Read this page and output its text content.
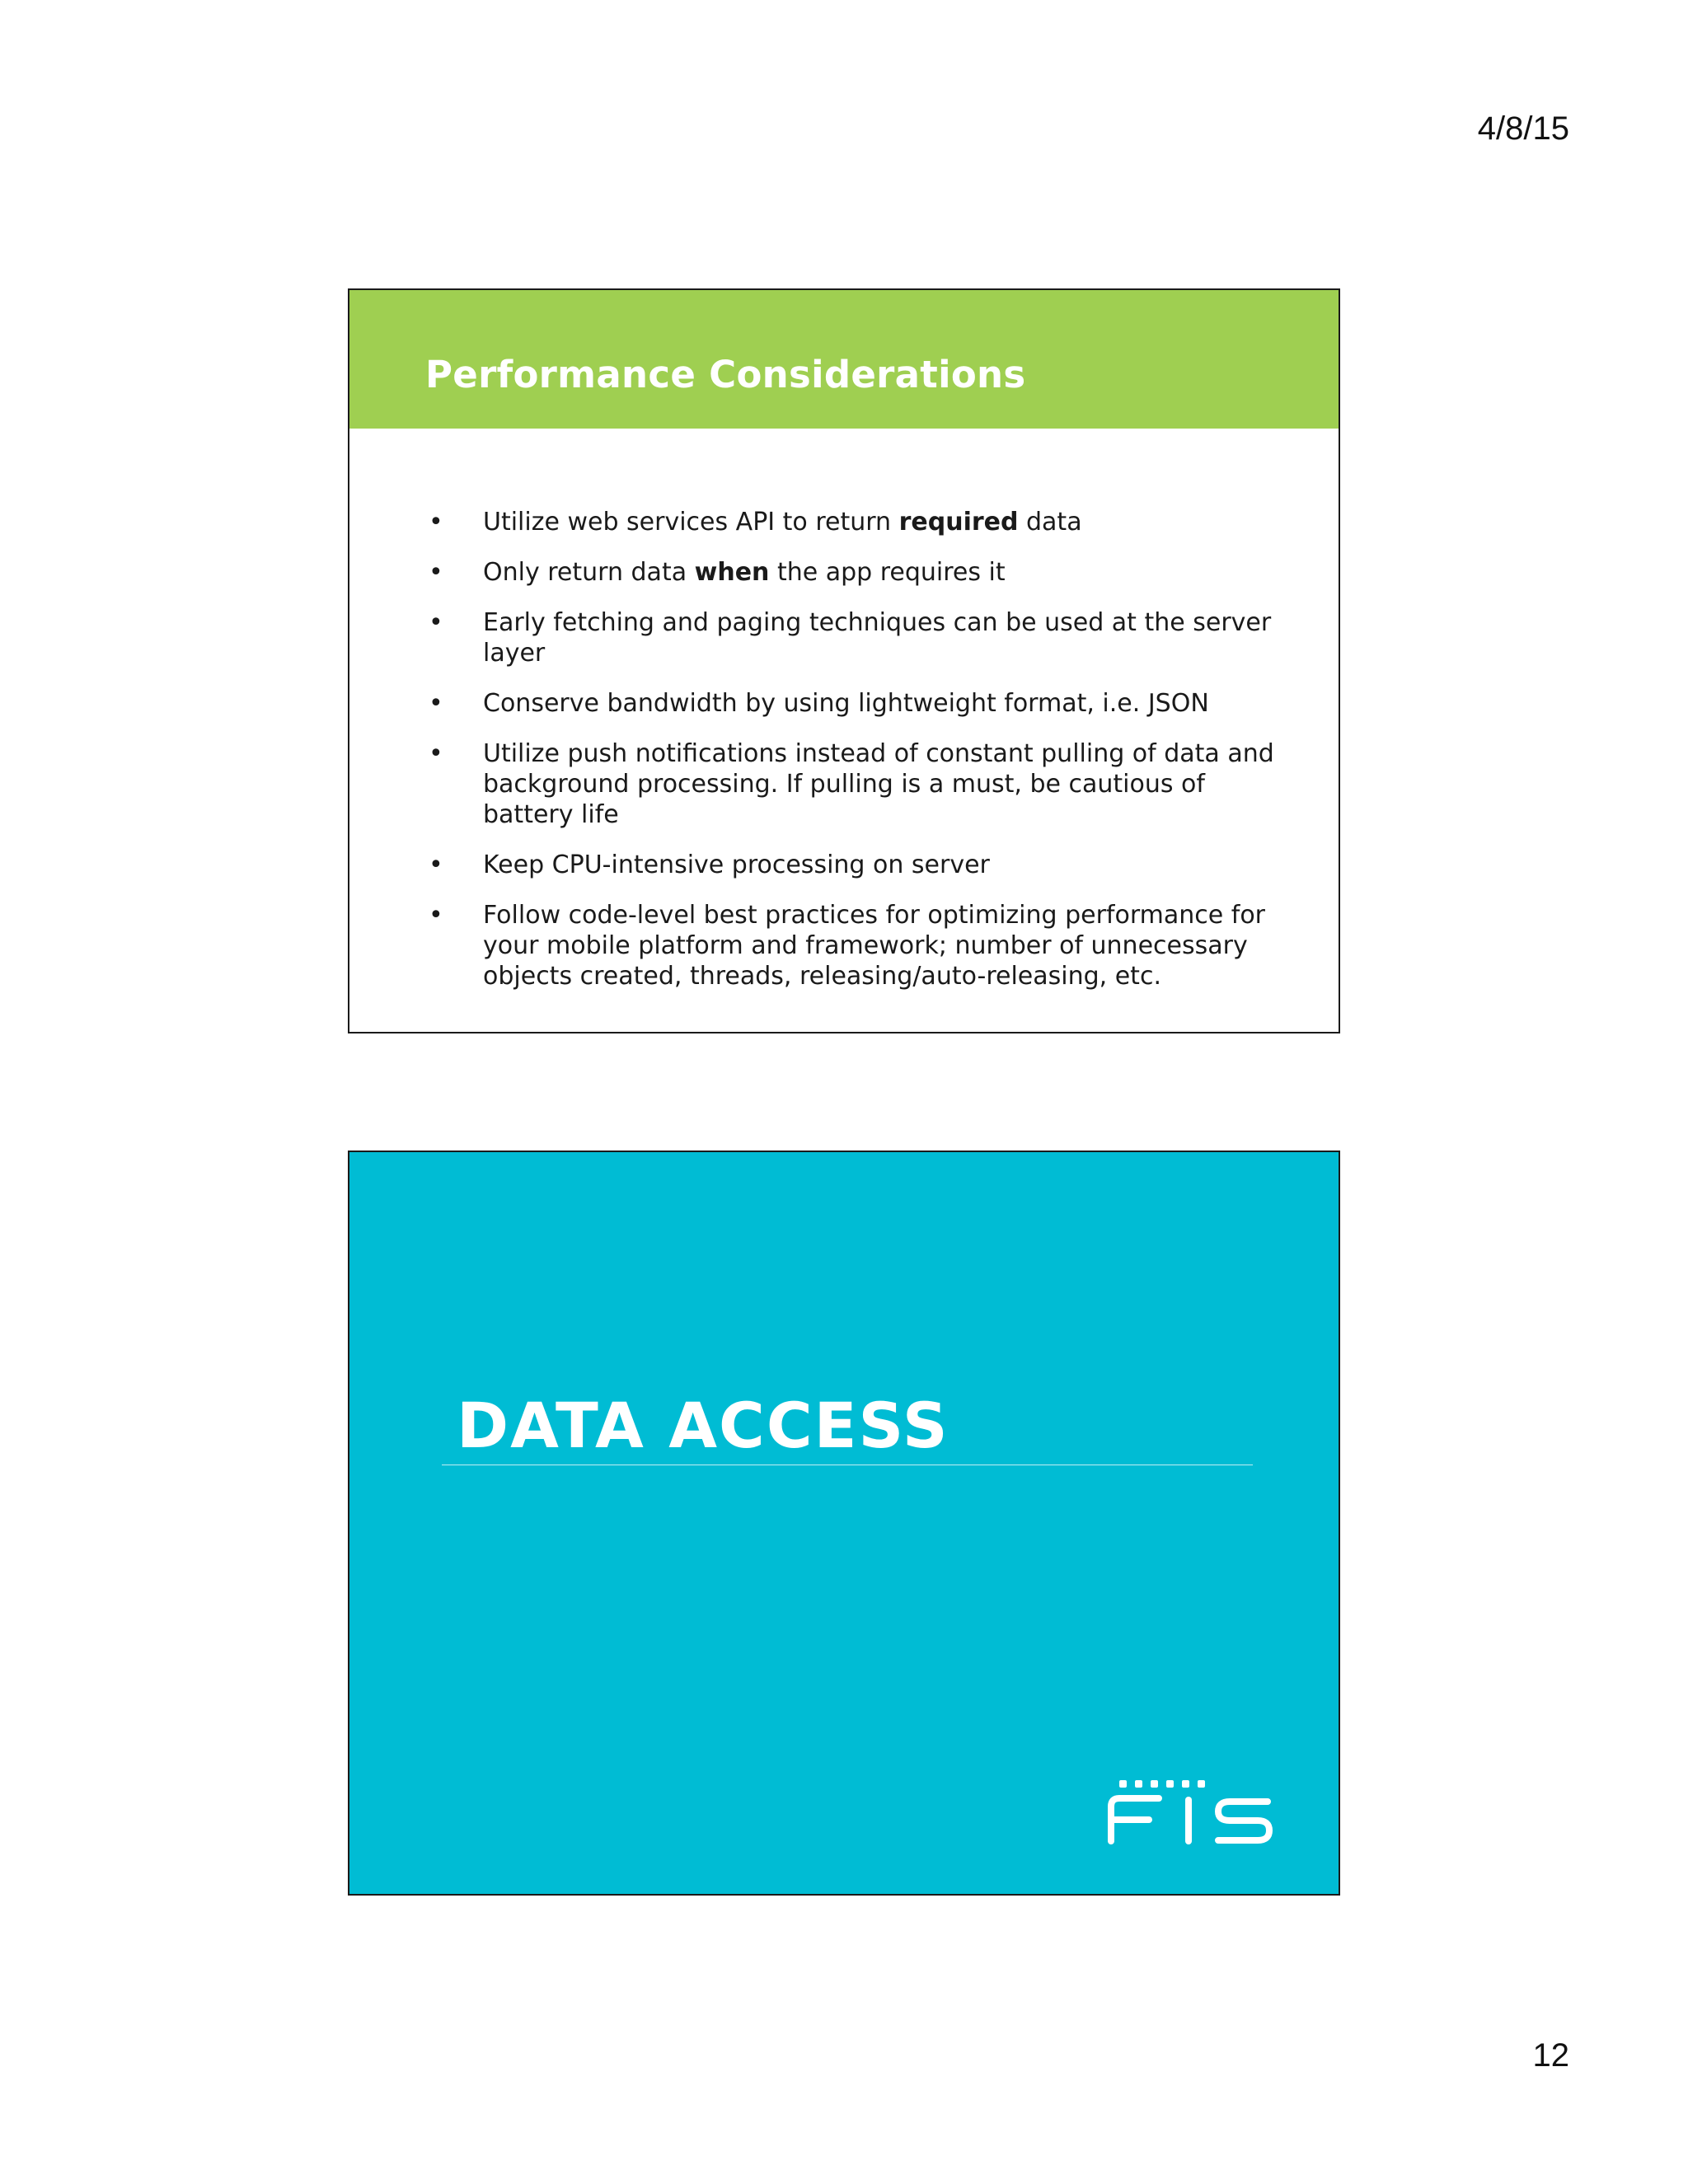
4/8/15
Performance Considerations
• Utilize web services API to return required data
• Only return data when the app requires it
• Early fetching and paging techniques can be used at the server layer
• Conserve bandwidth by using lightweight format, i.e. JSON
• Utilize push notifications instead of constant pulling of data and background processing. If pulling is a must, be cautious of battery life
• Keep CPU-intensive processing on server
• Follow code-level best practices for optimizing performance for your mobile platform and framework; number of unnecessary objects created, threads, releasing/auto-releasing, etc.
DATA ACCESS
12
